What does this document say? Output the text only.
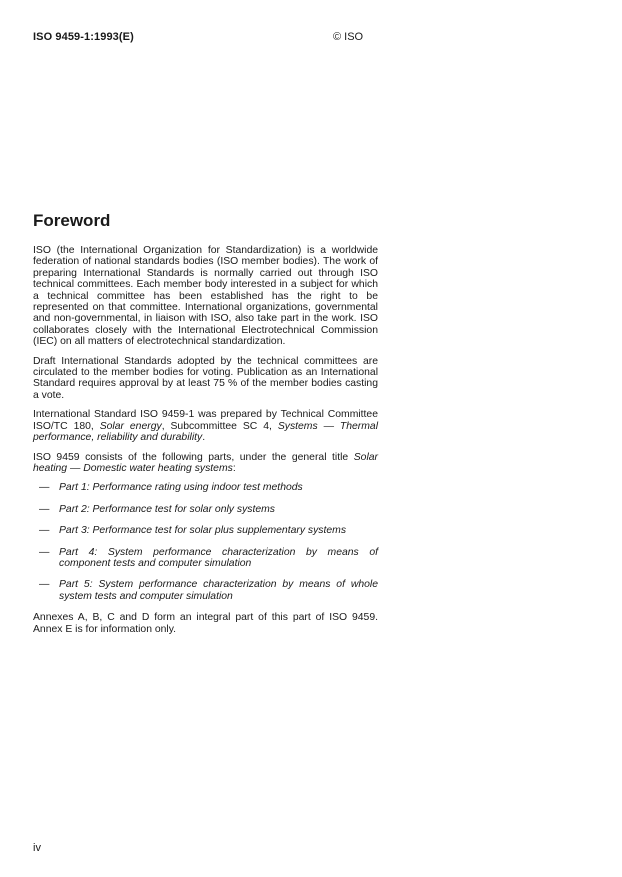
ISO 9459-1:1993(E)	© ISO
Foreword

ISO (the International Organization for Standardization) is a worldwide federation of national standards bodies (ISO member bodies). The work of preparing International Standards is normally carried out through ISO technical committees. Each member body interested in a subject for which a technical committee has been established has the right to be represented on that committee. International organizations, governmental and non-governmental, in liaison with ISO, also take part in the work. ISO collaborates closely with the International Electrotechnical Commission (IEC) on all matters of electrotechnical standardization.

Draft International Standards adopted by the technical committees are circulated to the member bodies for voting. Publication as an International Standard requires approval by at least 75 % of the member bodies casting a vote.

International Standard ISO 9459-1 was prepared by Technical Committee ISO/TC 180, Solar energy, Subcommittee SC 4, Systems — Thermal performance, reliability and durability.

ISO 9459 consists of the following parts, under the general title Solar heating — Domestic water heating systems:

— Part 1: Performance rating using indoor test methods
— Part 2: Performance test for solar only systems
— Part 3: Performance test for solar plus supplementary systems
— Part 4: System performance characterization by means of component tests and computer simulation
— Part 5: System performance characterization by means of whole system tests and computer simulation

Annexes A, B, C and D form an integral part of this part of ISO 9459. Annex E is for information only.

iv
